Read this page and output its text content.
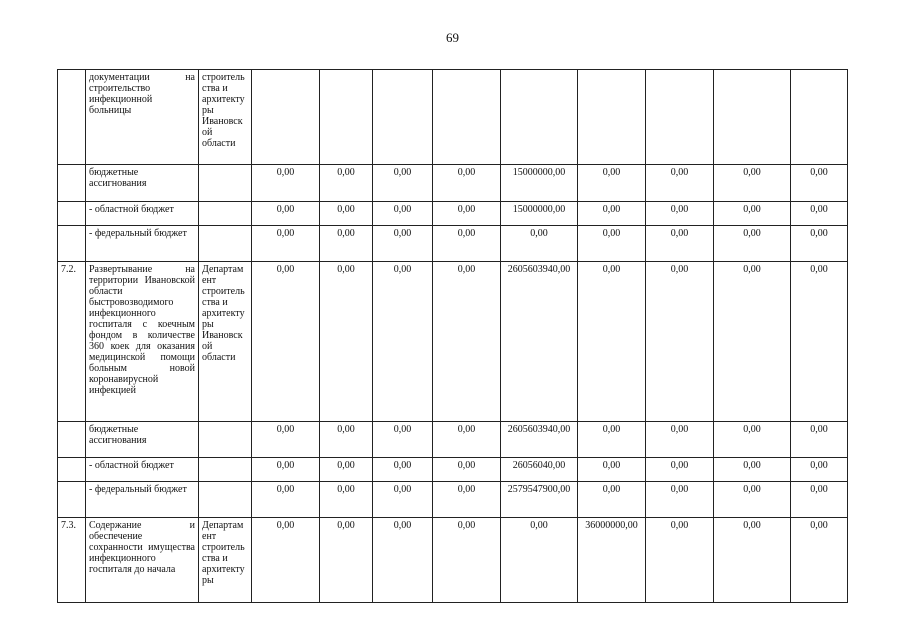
69
	документации на строительство инфекционной больницы	строитель ства и архитекту ры Ивановск ой области										
	бюджетные ассигнования		0,00	0,00	0,00	0,00	15000000,00	0,00	0,00	0,00	0,00	
	- областной бюджет		0,00	0,00	0,00	0,00	15000000,00	0,00	0,00	0,00	0,00	
	- федеральный бюджет		0,00	0,00	0,00	0,00	0,00	0,00	0,00	0,00	0,00	
7.2.	Развертывание на территории Ивановской области быстровозводимого инфекционного госпиталя с коечным фондом в количестве 360 коек для оказания медицинской помощи больным новой коронавирусной инфекцией	Департам ент строитель ства и архитекту ры Ивановск ой области	0,00	0,00	0,00	0,00	2605603940,00	0,00	0,00	0,00	0,00	
	бюджетные ассигнования		0,00	0,00	0,00	0,00	2605603940,00	0,00	0,00	0,00	0,00	
	- областной бюджет		0,00	0,00	0,00	0,00	26056040,00	0,00	0,00	0,00	0,00	
	- федеральный бюджет		0,00	0,00	0,00	0,00	2579547900,00	0,00	0,00	0,00	0,00	
7.3.	Содержание и обеспечение сохранности имущества инфекционного госпиталя до начала	Департам ент строитель ства и архитекту ры	0,00	0,00	0,00	0,00	0,00	36000000,00	0,00	0,00	0,00	
